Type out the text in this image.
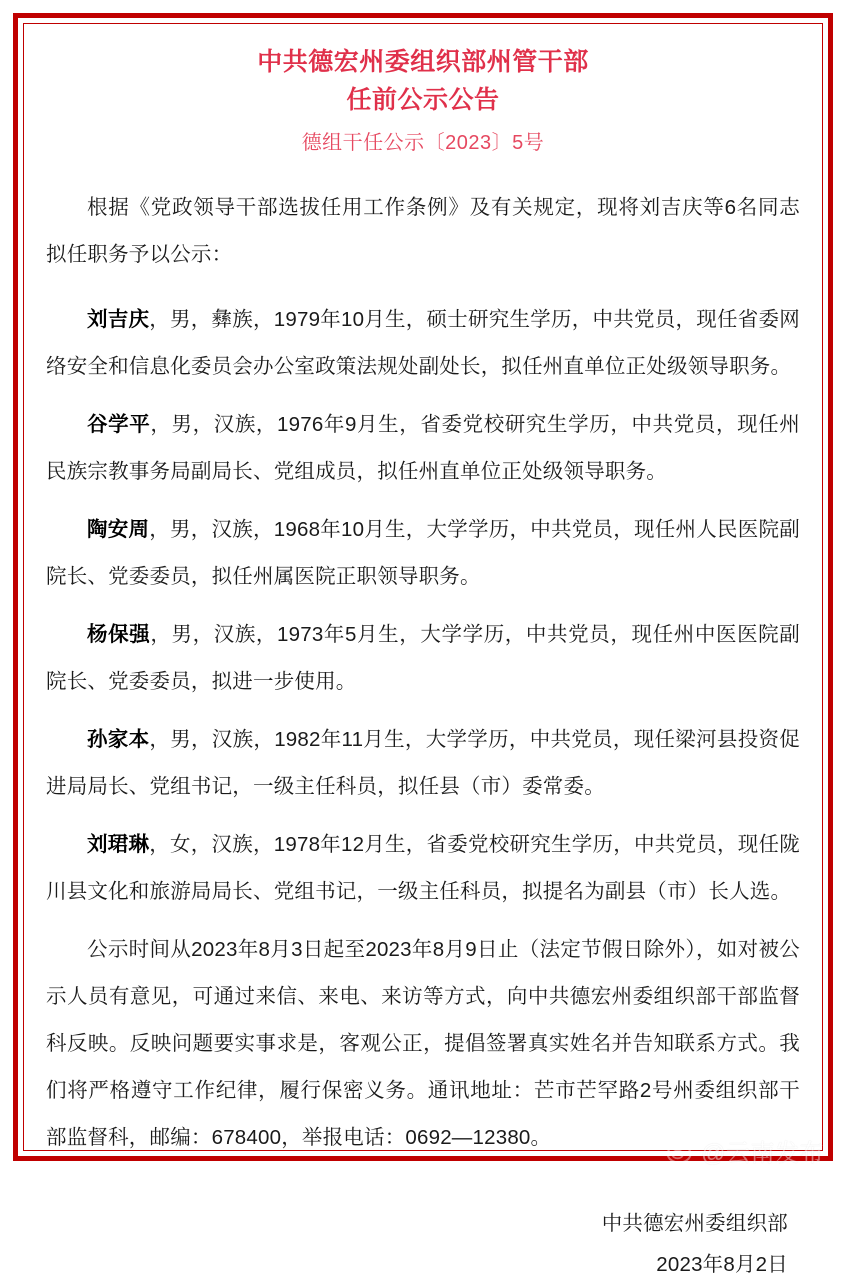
中共德宏州委组织部州管干部
任前公示公告
德组干任公示〔2023〕5号

根据《党政领导干部选拔任用工作条例》及有关规定，现将刘吉庆等6名同志拟任职务予以公示：

刘吉庆，男，彝族，1979年10月生，硕士研究生学历，中共党员，现任省委网络安全和信息化委员会办公室政策法规处副处长，拟任州直单位正处级领导职务。

谷学平，男，汉族，1976年9月生，省委党校研究生学历，中共党员，现任州民族宗教事务局副局长、党组成员，拟任州直单位正处级领导职务。

陶安周，男，汉族，1968年10月生，大学学历，中共党员，现任州人民医院副院长、党委委员，拟任州属医院正职领导职务。

杨保强，男，汉族，1973年5月生，大学学历，中共党员，现任州中医医院副院长、党委委员，拟进一步使用。

孙家本，男，汉族，1982年11月生，大学学历，中共党员，现任梁河县投资促进局局长、党组书记，一级主任科员，拟任县（市）委常委。

刘珺琳，女，汉族，1978年12月生，省委党校研究生学历，中共党员，现任陇川县文化和旅游局局长、党组书记，一级主任科员，拟提名为副县（市）长人选。

公示时间从2023年8月3日起至2023年8月9日止（法定节假日除外），如对被公示人员有意见，可通过来信、来电、来访等方式，向中共德宏州委组织部干部监督科反映。反映问题要实事求是，客观公正，提倡签署真实姓名并告知联系方式。我们将严格遵守工作纪律，履行保密义务。通讯地址：芒市芒罕路2号州委组织部干部监督科，邮编：678400，举报电话：0692—12380。

中共德宏州委组织部
2023年8月2日
@云南发布
